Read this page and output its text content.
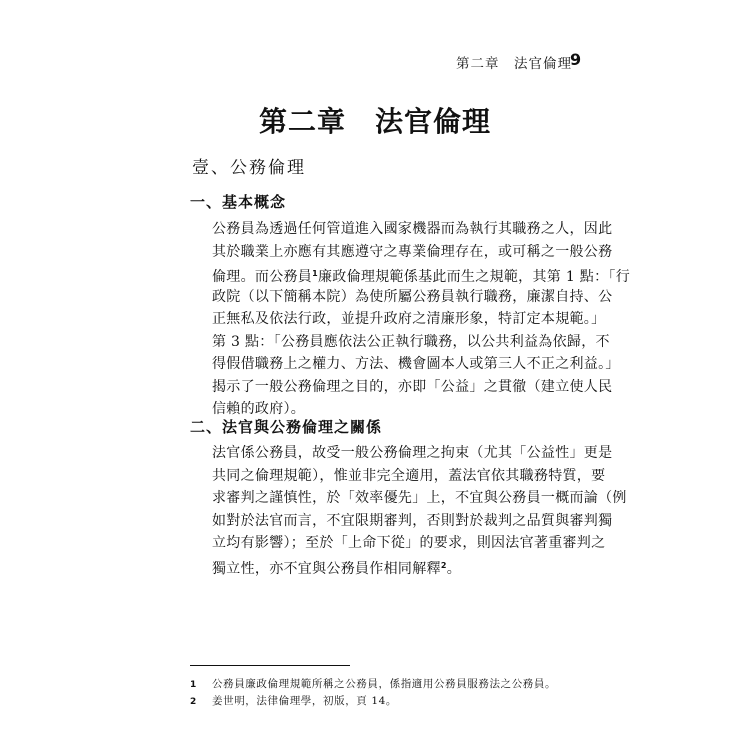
第二章　法官倫理
9
第二章　法官倫理
壹、公務倫理
一、基本概念
公務員為透過任何管道進入國家機器而為執行其職務之人，因此
其於職業上亦應有其應遵守之專業倫理存在，或可稱之一般公務
倫理。而公務員$^1$廉政倫理規範係基此而生之規範，其第 1 點：「行
政院（以下簡稱本院）為使所屬公務員執行職務，廉潔自持、公
正無私及依法行政，並提升政府之清廉形象，特訂定本規範。」
第 3 點：「公務員應依法公正執行職務，以公共利益為依歸，不
得假借職務上之權力、方法、機會圖本人或第三人不正之利益。」
揭示了一般公務倫理之目的，亦即「公益」之貫徹（建立使人民
信賴的政府）。
二、法官與公務倫理之關係
法官係公務員，故受一般公務倫理之拘束（尤其「公益性」更是
共同之倫理規範），惟並非完全適用，蓋法官依其職務特質，要
求審判之謹慎性，於「效率優先」上，不宜與公務員一概而論（例
如對於法官而言，不宜限期審判，否則對於裁判之品質與審判獨
立均有影響）；至於「上命下從」的要求，則因法官著重審判之
獨立性，亦不宜與公務員作相同解釋$^2$。
1 公務員廉政倫理規範所稱之公務員，係指適用公務員服務法之公務員。
2 姜世明，法律倫理學，初版，頁 14。
